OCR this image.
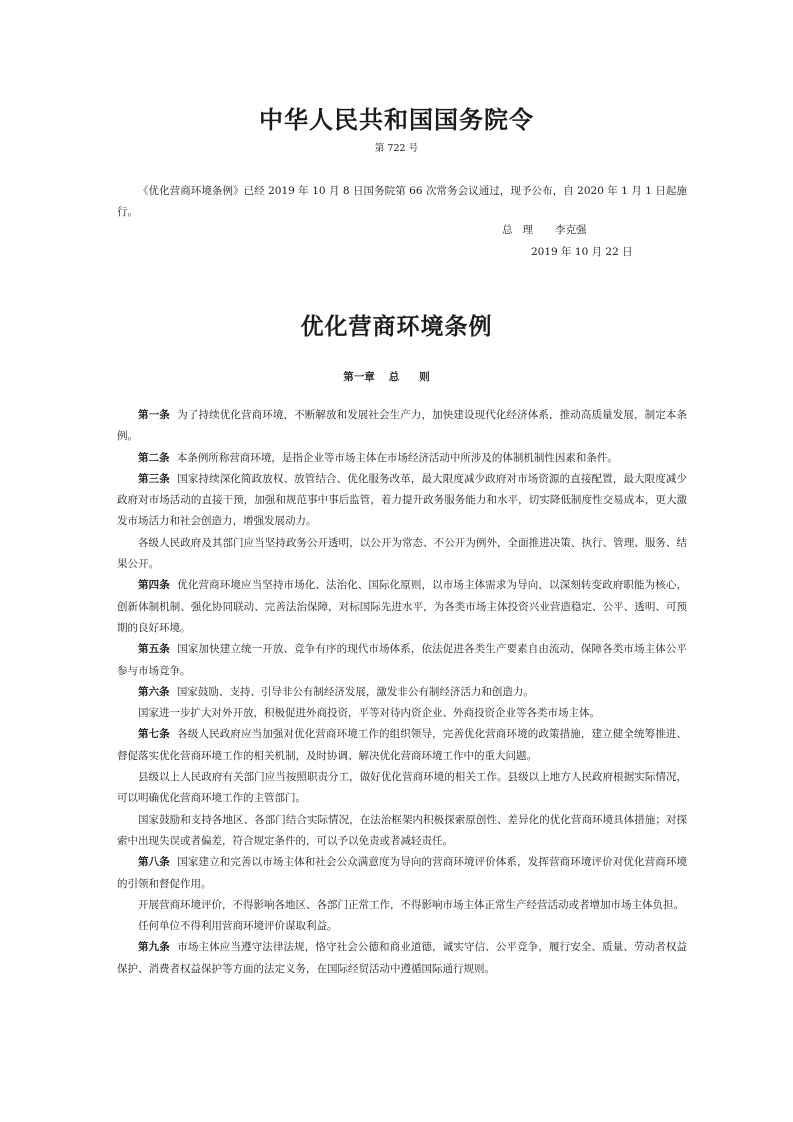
中华人民共和国国务院令
第 722 号

《优化营商环境条例》已经 2019 年 10 月 8 日国务院第 66 次常务会议通过，现予公布，自 2020 年 1 月 1 日起施行。

总理 李克强
2019 年 10 月 22 日
优化营商环境条例
第一章 总则

第一条 为了持续优化营商环境，不断解放和发展社会生产力，加快建设现代化经济体系，推动高质量发展，制定本条例。

第二条 本条例所称营商环境，是指企业等市场主体在市场经济活动中所涉及的体制机制性因素和条件。

第三条 国家持续深化简政放权、放管结合、优化服务改革，最大限度减少政府对市场资源的直接配置，最大限度减少政府对市场活动的直接干预，加强和规范事中事后监管，着力提升政务服务能力和水平，切实降低制度性交易成本，更大激发市场活力和社会创造力，增强发展动力。

各级人民政府及其部门应当坚持政务公开透明，以公开为常态、不公开为例外，全面推进决策、执行、管理、服务、结果公开。

第四条 优化营商环境应当坚持市场化、法治化、国际化原则，以市场主体需求为导向，以深刻转变政府职能为核心，创新体制机制、强化协同联动、完善法治保障，对标国际先进水平，为各类市场主体投资兴业营造稳定、公平、透明、可预期的良好环境。

第五条 国家加快建立统一开放、竞争有序的现代市场体系，依法促进各类生产要素自由流动，保障各类市场主体公平参与市场竞争。

第六条 国家鼓励、支持、引导非公有制经济发展，激发非公有制经济活力和创造力。

国家进一步扩大对外开放，积极促进外商投资，平等对待内资企业、外商投资企业等各类市场主体。

第七条 各级人民政府应当加强对优化营商环境工作的组织领导，完善优化营商环境的政策措施，建立健全统筹推进、督促落实优化营商环境工作的相关机制，及时协调、解决优化营商环境工作中的重大问题。

县级以上人民政府有关部门应当按照职责分工，做好优化营商环境的相关工作。县级以上地方人民政府根据实际情况，可以明确优化营商环境工作的主管部门。

国家鼓励和支持各地区、各部门结合实际情况，在法治框架内积极探索原创性、差异化的优化营商环境具体措施；对探索中出现失误或者偏差，符合规定条件的，可以予以免责或者减轻责任。

第八条 国家建立和完善以市场主体和社会公众满意度为导向的营商环境评价体系，发挥营商环境评价对优化营商环境的引领和督促作用。

开展营商环境评价，不得影响各地区、各部门正常工作，不得影响市场主体正常生产经营活动或者增加市场主体负担。

任何单位不得利用营商环境评价谋取利益。

第九条 市场主体应当遵守法律法规，恪守社会公德和商业道德，诚实守信、公平竞争，履行安全、质量、劳动者权益保护、消费者权益保护等方面的法定义务，在国际经贸活动中遵循国际通行规则。
